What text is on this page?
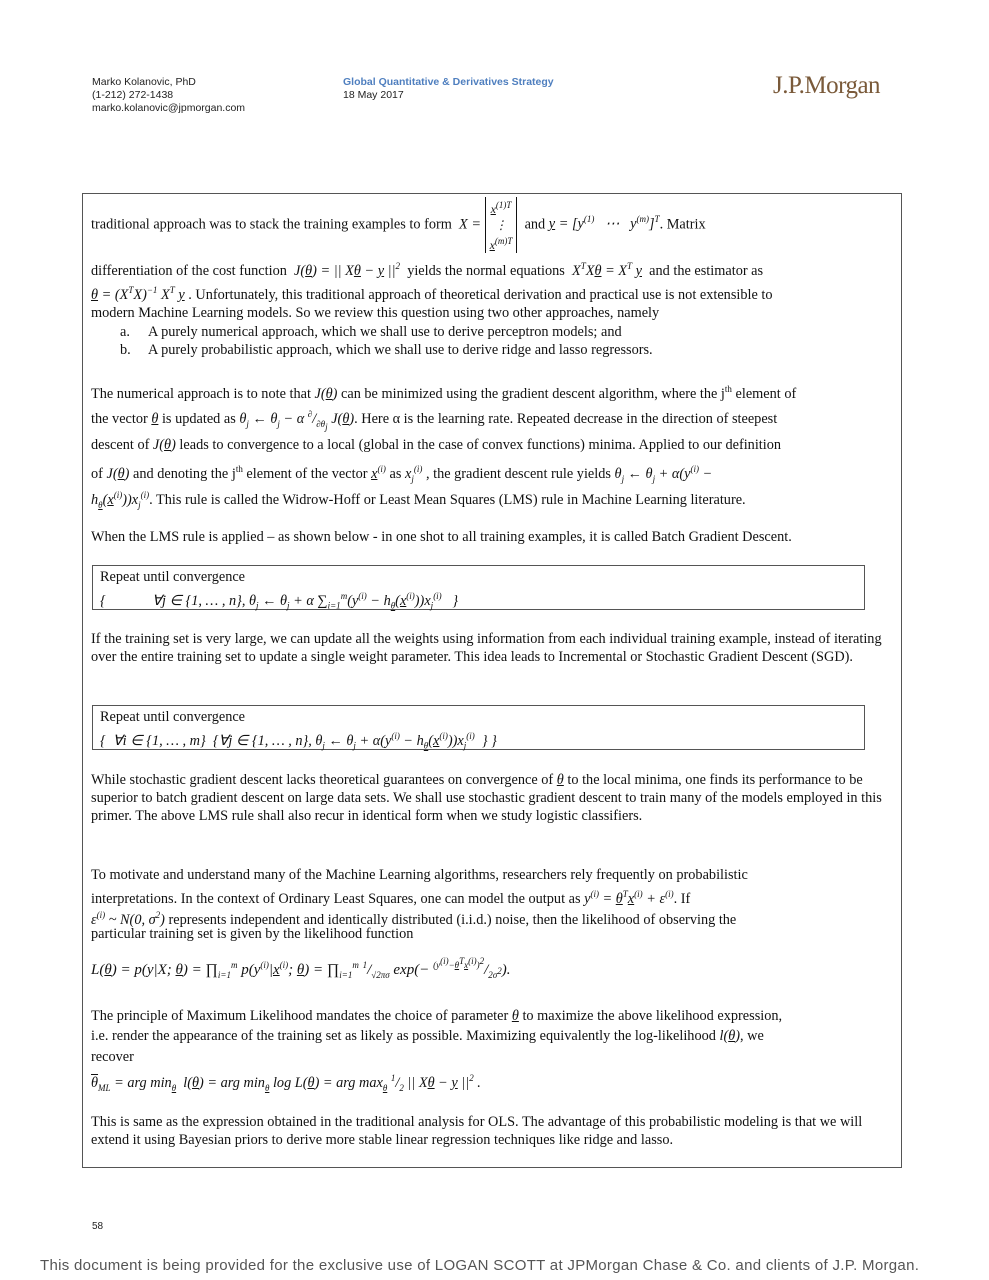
Marko Kolanovic, PhD
(1-212) 272-1438
marko.kolanovic@jpmorgan.com
Global Quantitative & Derivatives Strategy
18 May 2017	J.P.Morgan
traditional approach was to stack the training examples to form  $X = x^{(1)T}$
⋮
$x^{(m)T}$  and $y = [y^{(1)}$   ⋯   $y^{(m)}]^T$. Matrix
differentiation of the cost function  J(θ) = || Xθ − y $||^2$ yields the normal equations  $X^TX\theta = X^T$ y and the estimator as
$\theta = (X^TX)^{-1}$ $X^T$ y . Unfortunately, this traditional approach of theoretical derivation and practical use is not extensible to
modern Machine Learning models. So we review this question using two other approaches, namely
a. A purely numerical approach, which we shall use to derive perceptron models; and
b. A purely probabilistic approach, which we shall use to derive ridge and lasso regressors.
The numerical approach is to note that J(θ) can be minimized using the gradient descent algorithm, where the $j^{th}$ element of
the vector θ is updated as $\theta_j$ ← $\theta_j - \alpha$ $^\partial/_{\partial\theta_j}$ J(θ). Here α is the learning rate. Repeated decrease in the direction of steepest
descent of J(θ) leads to convergence to a local (global in the case of convex functions) minima. Applied to our definition
of J(θ) and denoting the $j^{th}$ element of the vector $x^{(i)}$ as $x_j^{(i)}$ , the gradient descent rule yields $\theta_j$ ← $\theta_j + \alpha(y^{(i)}$ −
$h_\theta(x^{(i)}))x_j^{(i)}$. This rule is called the Widrow-Hoff or Least Mean Squares (LMS) rule in Machine Learning literature.
When the LMS rule is applied – as shown below - in one shot to all training examples, it is called Batch Gradient Descent.
Repeat until convergence
{             ∀j ∈ {1, … , n}, $\theta_j$ ← $\theta_j + \alpha$ $\sum_{i=1}^m(y^{(i)} - h_\theta(x^{(i)}))x_j^{(i)}$   }
If the training set is very large, we can update all the weights using information from each individual training example, instead of iterating over the entire training set to update a single weight parameter. This idea leads to Incremental or Stochastic Gradient Descent (SGD).
Repeat until convergence
{  ∀i ∈ {1, … , m}  {∀j ∈ {1, … , n}, $\theta_j$ ← $\theta_j + \alpha(y^{(i)} - h_\theta(x^{(i)}))x_j^{(i)}$  } }
While stochastic gradient descent lacks theoretical guarantees on convergence of θ to the local minima, one finds its performance to be superior to batch gradient descent on large data sets. We shall use stochastic gradient descent to train many of the models employed in this primer. The above LMS rule shall also recur in identical form when we study logistic classifiers.
To motivate and understand many of the Machine Learning algorithms, researchers rely frequently on probabilistic
interpretations. In the context of Ordinary Least Squares, one can model the output as $y^{(i)} = \theta^Tx^{(i)} + \varepsilon^{(i)}$. If
$\varepsilon^{(i)}$ ~ N(0, $\sigma^2$) represents independent and identically distributed (i.i.d.) noise, then the likelihood of observing the
particular training set is given by the likelihood function
L(θ) = p(y|X; $\theta) = \prod_{i=1}^m$ $p(y^{(i)}|x^{(i)}$; $\theta) = \prod_{i=1}^m$ $^1/_{√2\pi\sigma}$ $\exp(- ^{(y^{(i)}-\theta^Tx^{(i)})^2}/_{2\sigma^2})$.
The principle of Maximum Likelihood mandates the choice of parameter θ to maximize the above likelihood expression,
i.e. render the appearance of the training set as likely as possible. Maximizing equivalently the log-likelihood l(θ), we
recover
$\overline{\theta}_{ML}$ = arg $\min_\theta l(\theta)$ = arg $\min_\theta \log L(\theta)$ = arg $\max_\theta ^1/_2$ || Xθ − y $||^2$ .
This is same as the expression obtained in the traditional analysis for OLS. The advantage of this probabilistic modeling is that we will extend it using Bayesian priors to derive more stable linear regression techniques like ridge and lasso.
58
This document is being provided for the exclusive use of LOGAN SCOTT at JPMorgan Chase & Co. and clients of J.P. Morgan.
